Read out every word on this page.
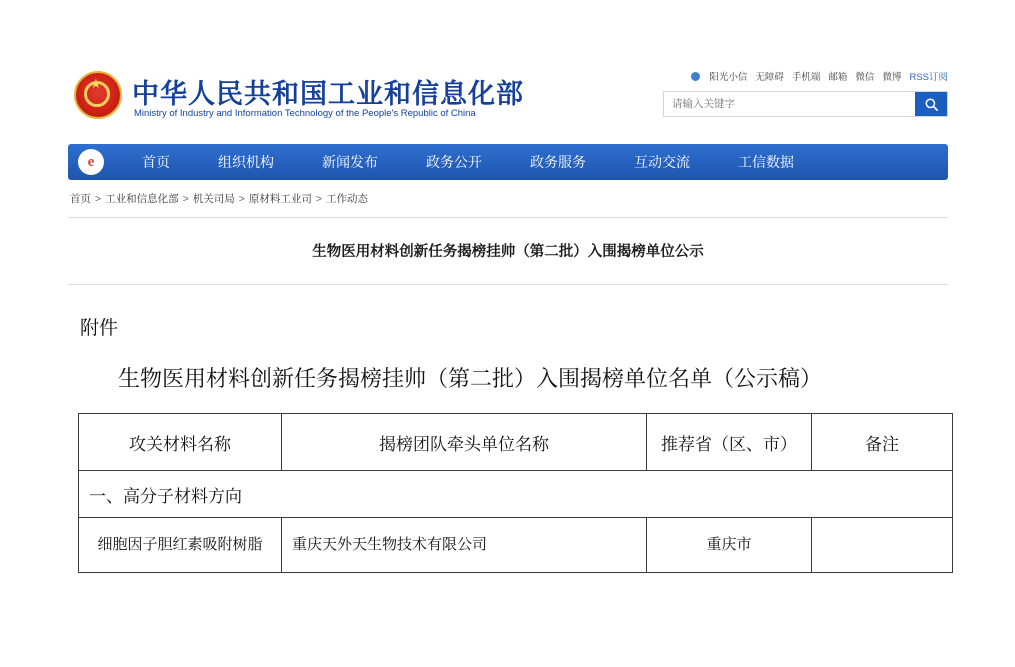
★ 中华人民共和国工业和信息化部
Ministry of Industry and Information Technology of the People's Republic of China
阳光小信 无障碍 手机端 邮箱 微信 微博 RSS订阅
请输入关键字
e	首页	组织机构	新闻发布	政务公开	政务服务	互动交流	工信数据
首页 > 工业和信息化部 > 机关司局 > 原材料工业司 > 工作动态
生物医用材料创新任务揭榜挂帅（第二批）入围揭榜单位公示
附件
生物医用材料创新任务揭榜挂帅（第二批）入围揭榜单位名单（公示稿）
攻关材料名称	揭榜团队牵头单位名称	推荐省（区、市）	备注
一、高分子材料方向			
细胞因子胆红素吸附树脂	重庆天外天生物技术有限公司	重庆市	
